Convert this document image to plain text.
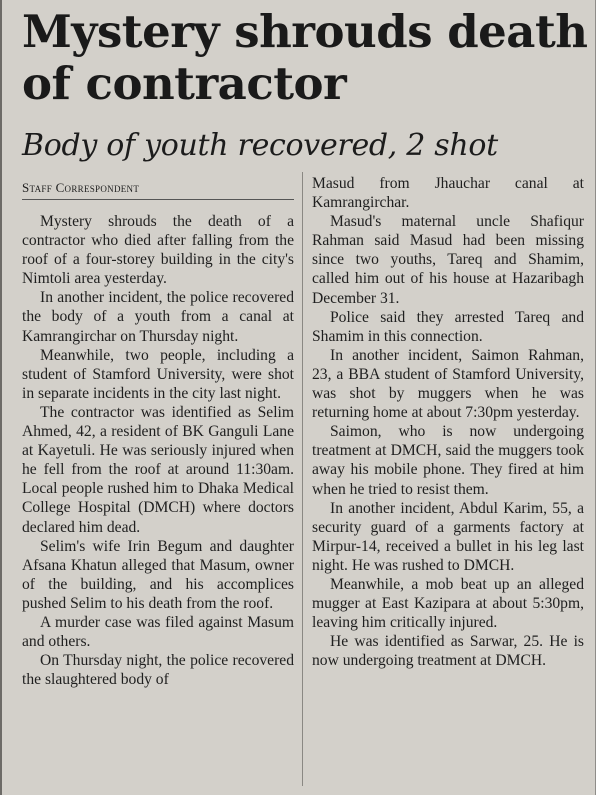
Mystery shrouds death
of contractor
Body of youth recovered, 2 shot
Staff Correspondent

Mystery shrouds the death of a contractor who died after falling from the roof of a four-storey building in the city's Nimtoli area yesterday.

In another incident, the police recovered the body of a youth from a canal at Kamrangirchar on Thursday night.

Meanwhile, two people, including a student of Stamford University, were shot in separate incidents in the city last night.

The contractor was identified as Selim Ahmed, 42, a resident of BK Ganguli Lane at Kayetuli. He was seriously injured when he fell from the roof at around 11:30am. Local people rushed him to Dhaka Medical College Hospital (DMCH) where doctors declared him dead.

Selim's wife Irin Begum and daughter Afsana Khatun alleged that Masum, owner of the building, and his accomplices pushed Selim to his death from the roof.

A murder case was filed against Masum and others.

On Thursday night, the police recovered the slaughtered body of

Masud from Jhauchar canal at Kamrangirchar.

Masud's maternal uncle Shafiqur Rahman said Masud had been missing since two youths, Tareq and Shamim, called him out of his house at Hazaribagh December 31.

Police said they arrested Tareq and Shamim in this connection.

In another incident, Saimon Rahman, 23, a BBA student of Stamford University, was shot by muggers when he was returning home at about 7:30pm yesterday.

Saimon, who is now undergoing treatment at DMCH, said the muggers took away his mobile phone. They fired at him when he tried to resist them.

In another incident, Abdul Karim, 55, a security guard of a garments factory at Mirpur-14, received a bullet in his leg last night. He was rushed to DMCH.

Meanwhile, a mob beat up an alleged mugger at East Kazipara at about 5:30pm, leaving him critically injured.

He was identified as Sarwar, 25. He is now undergoing treatment at DMCH.
